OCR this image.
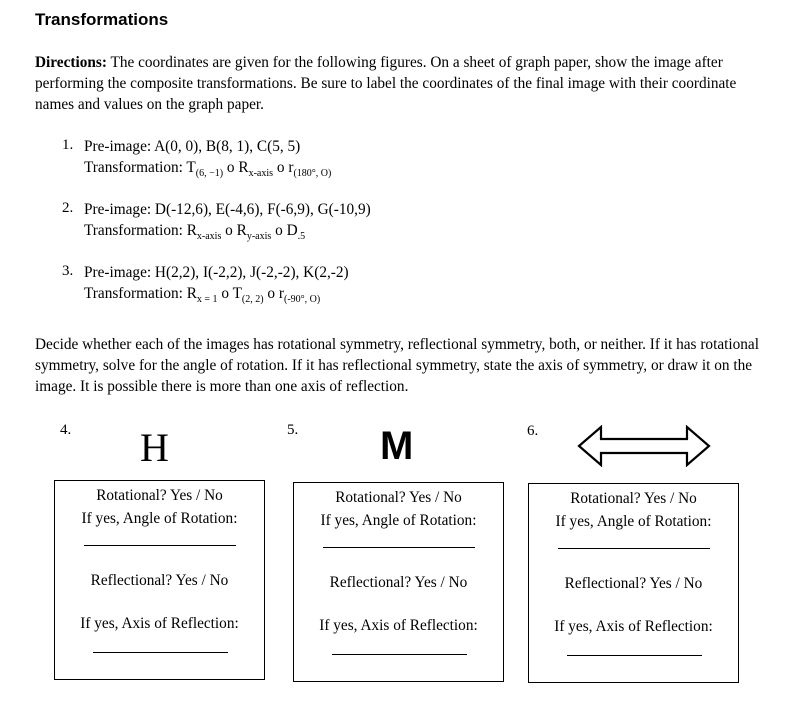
Transformations
Directions: The coordinates are given for the following figures. On a sheet of graph paper, show the image after performing the composite transformations. Be sure to label the coordinates of the final image with their coordinate names and values on the graph paper.
1. Pre-image: A(0, 0), B(8, 1), C(5, 5)
Transformation: $T_{(6, -1)}$ o $R_{x-axis}$ o $r_{(180^\circ, O)}$
2. Pre-image: D(-12,6), E(-4,6), F(-6,9), G(-10,9)
Transformation: $R_{x-axis}$ o $R_{y-axis}$ o $D_{.5}$
3. Pre-image: H(2,2), I(-2,2), J(-2,-2), K(2,-2)
Transformation: $R_{x = 1}$ o $T_{(2, 2)}$ o $r_{(-90^\circ, O)}$
Decide whether each of the images has rotational symmetry, reflectional symmetry, both, or neither. If it has rotational symmetry, solve for the angle of rotation. If it has reflectional symmetry, state the axis of symmetry, or draw it on the image. It is possible there is more than one axis of reflection.
4. H
Rotational? Yes / No
If yes, Angle of Rotation:
Reflectional? Yes / No
If yes, Axis of Reflection:
5. M
Rotational? Yes / No
If yes, Angle of Rotation:
Reflectional? Yes / No
If yes, Axis of Reflection:
6.
Rotational? Yes / No
If yes, Angle of Rotation:
Reflectional? Yes / No
If yes, Axis of Reflection:
